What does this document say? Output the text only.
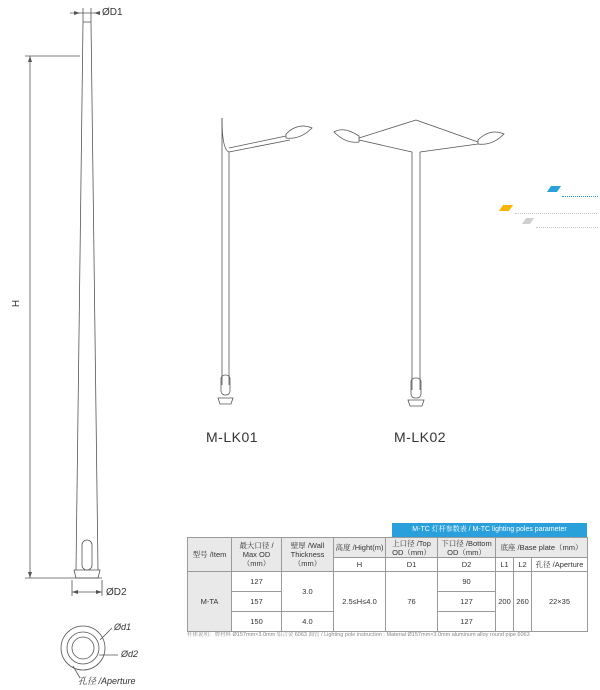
ØD1
H
ØD2
M-LK01	M-LK02
Ød1
Ød2
孔径 /Aperture
M-TC 灯杆参数表 / M-TC lighting poles parameter
型号 /Item	最大口径 / Max OD（mm）	壁厚 /Wall
Thickness（mm）	高度 /Hight(m)	上口径 /Top OD（mm）	下口径 /Bottom OD（mm）	底座 /Base plate（mm）		
			H	D1	D2	L1	L2	孔径 /Aperture
M-TA	127	3.0	2.5≤H≤4.0	76	90	200	260	22×35
	157				127			
	150	4.0			127			
杆体说明：牌材料 Ø157mm×3.0mm 铝合金 6063 圆管 / Lighting pole instruction : Material Ø157mm×3.0mm aluminum alloy round pipe 6063
